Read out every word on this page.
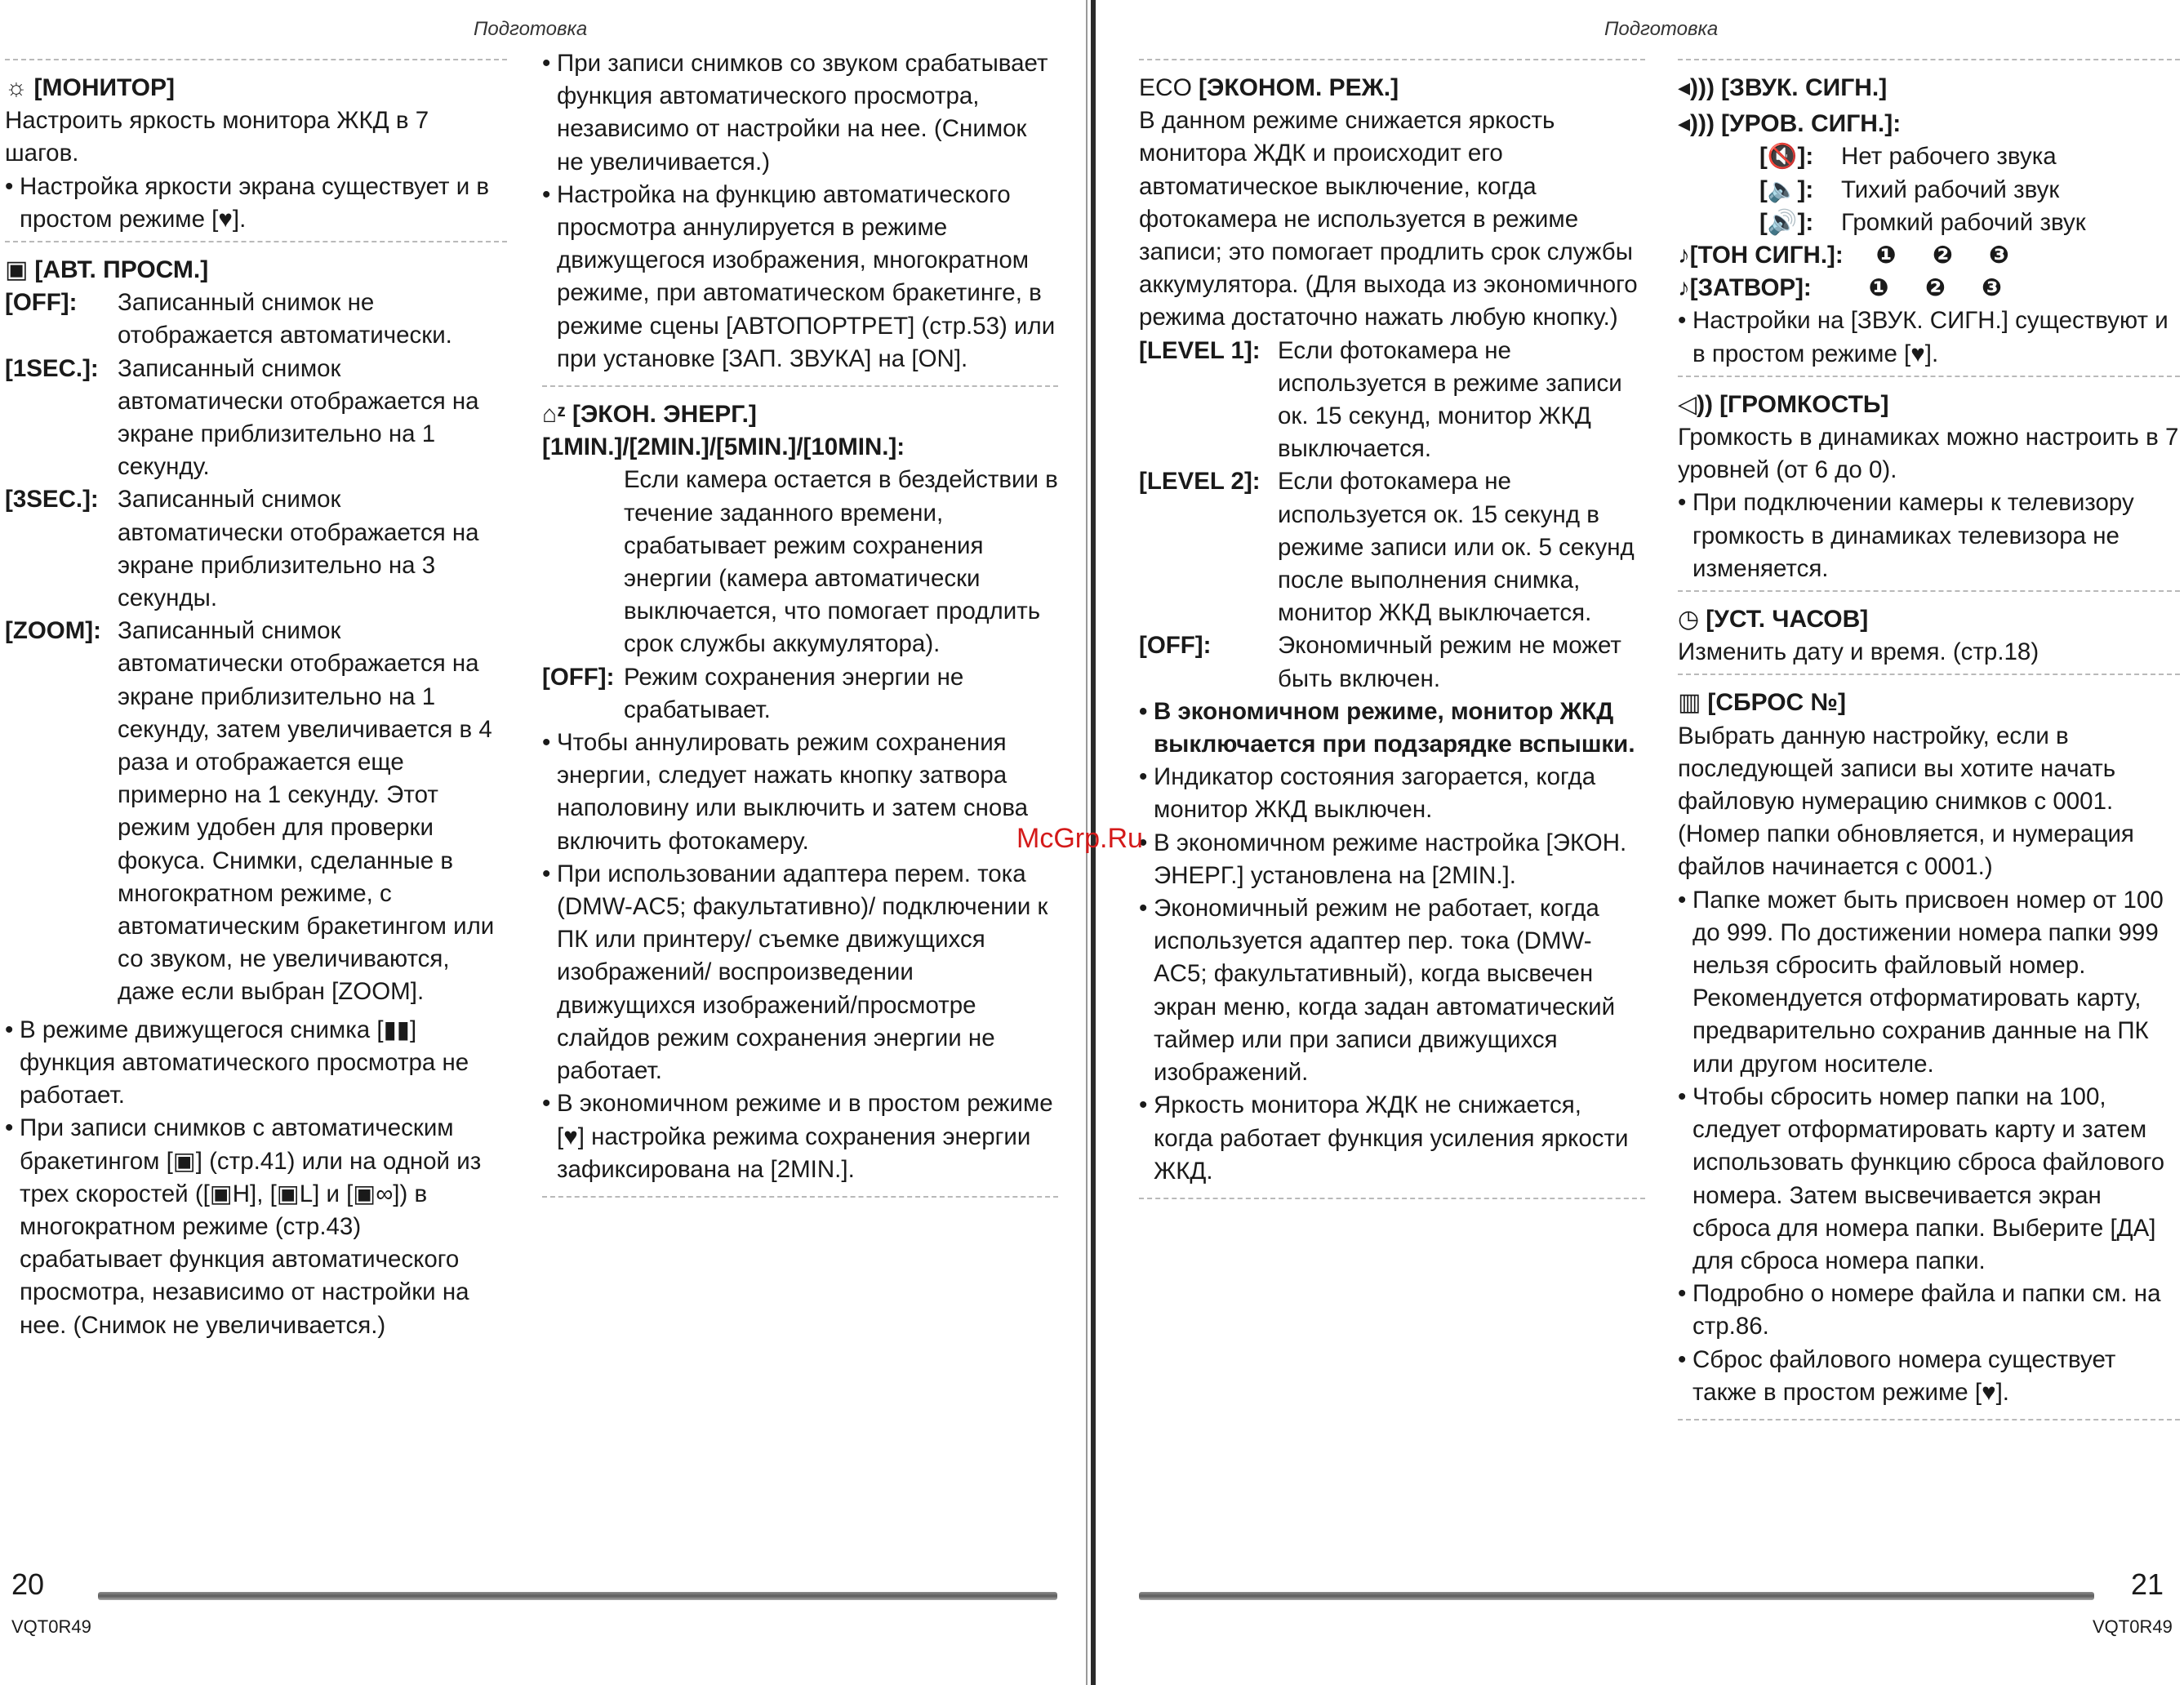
Подготовка
☼ [МОНИТОР]

Настроить яркость монитора ЖКД в 7 шагов.

• Настройка яркости экрана существует и в простом режиме [♥].

▣ [АВТ. ПРОСМ.]
[OFF]:	Записанный снимок не отображается автоматически.
[1SEC.]: Записанный снимок автоматически отображается на экране приблизительно на 1 секунду.
[3SEC.]: Записанный снимок автоматически отображается на экране приблизительно на 3 секунды.
[ZOOM]: Записанный снимок автоматически отображается на экране приблизительно на 1 секунду, затем увеличивается в 4 раза и отображается еще примерно на 1 секунду. Этот режим удобен для проверки фокуса. Снимки, сделанные в многократном режиме, с автоматическим бракетингом или со звуком, не увеличиваются, даже если выбран [ZOOM].

• В режиме движущегося снимка [▮▮] функция автоматического просмотра не работает.

• При записи снимков с автоматическим бракетингом [▣] (стр.41) или на одной из трех скоростей ([▣H], [▣L] и [▣∞]) в многократном режиме (стр.43) срабатывает функция автоматического просмотра, независимо от настройки на нее. (Снимок не увеличивается.)

• При записи снимков со звуком срабатывает функция автоматического просмотра, независимо от настройки на нее. (Снимок не увеличивается.)

• Настройка на функцию автоматического просмотра аннулируется в режиме движущегося изображения, многократном режиме, при автоматическом бракетинге, в режиме сцены [АВТОПОРТРЕТ] (стр.53) или при установке [ЗАП. ЗВУКА] на [ON].

⌂ᶻ [ЭКОН. ЭНЕРГ.]

[1MIN.]/[2MIN.]/[5MIN.]/[10MIN.]:

Если камера остается в бездействии в течение заданного времени, срабатывает режим сохранения энергии (камера автоматически выключается, что помогает продлить срок службы аккумулятора).

[OFF]: Режим сохранения энергии не срабатывает.

• Чтобы аннулировать режим сохранения энергии, следует нажать кнопку затвора наполовину или выключить и затем снова включить фотокамеру.

• При использовании адаптера перем. тока (DMW-AC5; факультативно)/ подключении к ПК или принтеру/ съемке движущихся изображений/ воспроизведении движущихся изображений/просмотре слайдов режим сохранения энергии не работает.

• В экономичном режиме и в простом режиме [♥] настройка режима сохранения энергии зафиксирована на [2MIN.].

20
VQT0R49
Подготовка
ECO [ЭКОНОМ. РЕЖ.]

В данном режиме снижается яркость монитора ЖДК и происходит его автоматическое выключение, когда фотокамера не используется в режиме записи; это помогает продлить срок службы аккумулятора. (Для выхода из экономичного режима достаточно нажать любую кнопку.)

[LEVEL 1]: Если фотокамера не используется в режиме записи ок. 15 секунд, монитор ЖКД выключается.
[LEVEL 2]: Если фотокамера не используется ок. 15 секунд в режиме записи или ок. 5 секунд после выполнения снимка, монитор ЖКД выключается.
[OFF]:	Экономичный режим не может быть включен.

• В экономичном режиме, монитор ЖКД выключается при подзарядке вспышки.

• Индикатор состояния загорается, когда монитор ЖКД выключен.

• В экономичном режиме настройка [ЭКОН. ЭНЕРГ.] установлена на [2MIN.].

• Экономичный режим не работает, когда используется адаптер пер. тока (DMW-AC5; факультативный), когда высвечен экран меню, когда задан автоматический таймер или при записи движущихся изображений.

• Яркость монитора ЖДК не снижается, когда работает функция усиления яркости ЖКД.

◂))) [ЗВУК. СИГН.]
◂))) [УРОВ. СИГН.]:
[🔇]:	Нет рабочего звука
[🔈]:	Тихий рабочий звук
[🔊]:	Громкий рабочий звук
♪ [ТОН СИГН.]: ❶ ❷ ❸
♪ [ЗАТВОР]: ❶ ❷ ❸

• Настройки на [ЗВУК. СИГН.] существуют и в простом режиме [♥].

◁)) [ГРОМКОСТЬ]

Громкость в динамиках можно настроить в 7 уровней (от 6 до 0).

• При подключении камеры к телевизору громкость в динамиках телевизора не изменяется.

◷ [УСТ. ЧАСОВ]

Изменить дату и время. (стр.18)

▥ [СБРОС №]

Выбрать данную настройку, если в последующей записи вы хотите начать файловую нумерацию снимков с 0001. (Номер папки обновляется, и нумерация файлов начинается с 0001.)

• Папке может быть присвоен номер от 100 до 999. По достижении номера папки 999 нельзя сбросить файловый номер. Рекомендуется отформатировать карту, предварительно сохранив данные на ПК или другом носителе.

• Чтобы сбросить номер папки на 100, следует отформатировать карту и затем использовать функцию сброса файлового номера. Затем высвечивается экран сброса для номера папки. Выберите [ДА] для сброса номера папки.

• Подробно о номере файла и папки см. на стр.86.

• Сброс файлового номера существует также в простом режиме [♥].

21
VQT0R49
McGrp.Ru
